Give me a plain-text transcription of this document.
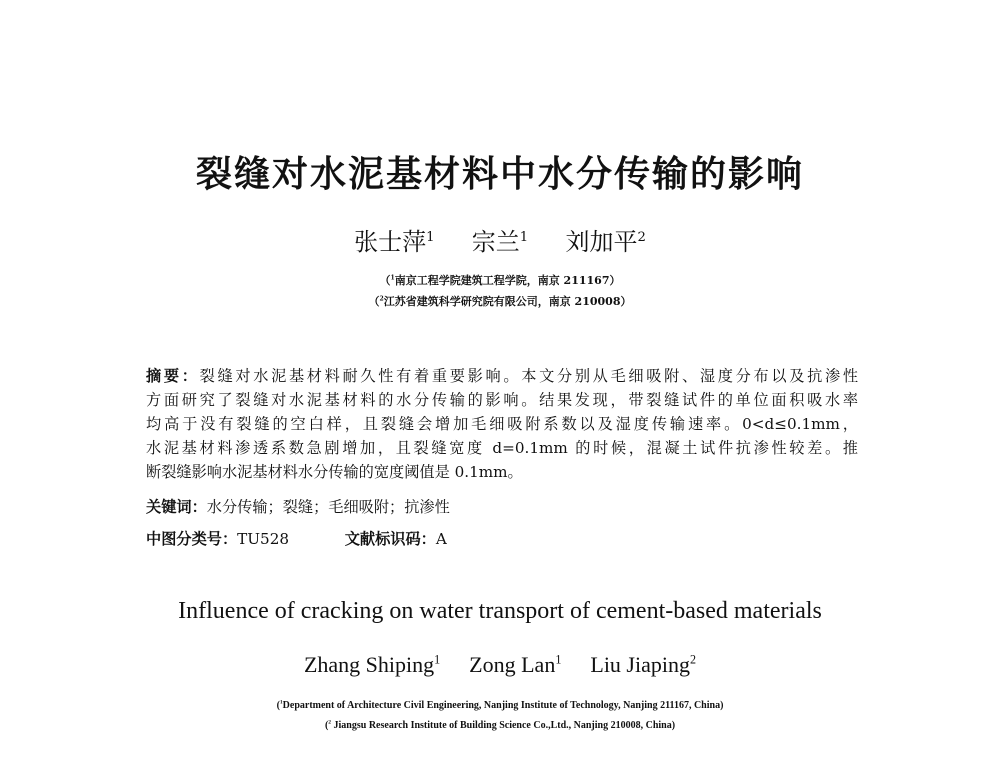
裂缝对水泥基材料中水分传输的影响
张士萍$^1$ 宗兰$^1$ 刘加平$^2$
（$^1$南京工程学院建筑工程学院，南京 211167）
（$^2$江苏省建筑科学研究院有限公司，南京 210008）
摘要：裂缝对水泥基材料耐久性有着重要影响。本文分别从毛细吸附、湿度分布以及抗渗性
方面研究了裂缝对水泥基材料的水分传输的影响。结果发现，带裂缝试件的单位面积吸水率
均高于没有裂缝的空白样，且裂缝会增加毛细吸附系数以及湿度传输速率。0<d≤0.1mm，
水泥基材料渗透系数急剧增加，且裂缝宽度 d=0.1mm 的时候，混凝土试件抗渗性较差。推
断裂缝影响水泥基材料水分传输的宽度阈值是 0.1mm。
关键词：水分传输；裂缝；毛细吸附；抗渗性
中图分类号：TU528	文献标识码：A
Influence of cracking on water transport of cement-based materials
Zhang Shiping$^1$ Zong Lan$^1$ Liu Jiaping$^2$
($^1$Department of Architecture Civil Engineering, Nanjing Institute of Technology, Nanjing 211167, China)
($^2$ Jiangsu Research Institute of Building Science Co.,Ltd., Nanjing 210008, China)
